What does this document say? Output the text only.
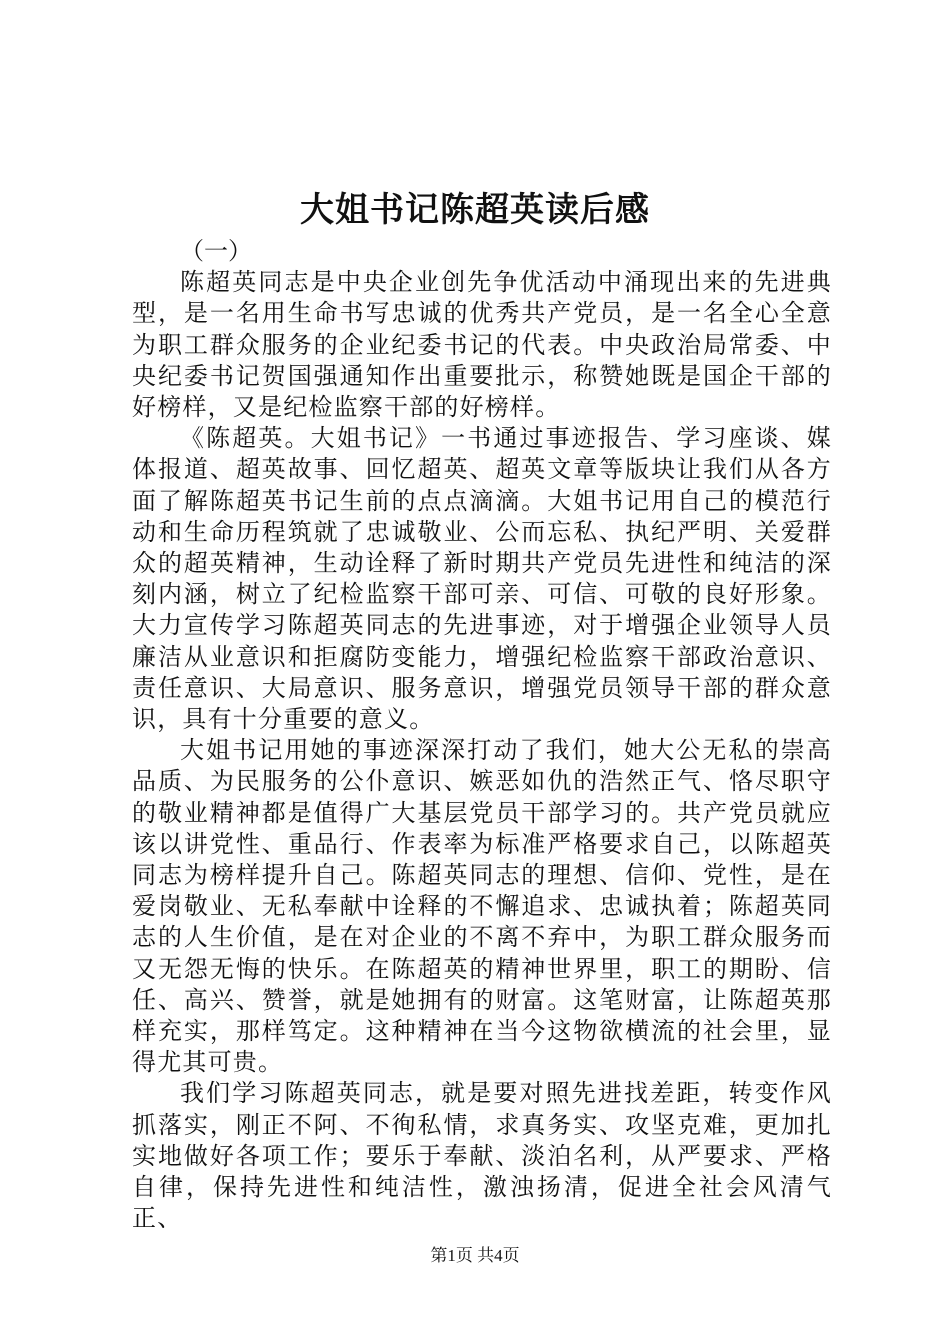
大姐书记陈超英读后感

（一）

陈超英同志是中央企业创先争优活动中涌现出来的先进典型，是一名用生命书写忠诚的优秀共产党员，是一名全心全意为职工群众服务的企业纪委书记的代表。中央政治局常委、中央纪委书记贺国强通知作出重要批示，称赞她既是国企干部的好榜样，又是纪检监察干部的好榜样。

《陈超英。大姐书记》一书通过事迹报告、学习座谈、媒体报道、超英故事、回忆超英、超英文章等版块让我们从各方面了解陈超英书记生前的点点滴滴。大姐书记用自己的模范行动和生命历程筑就了忠诚敬业、公而忘私、执纪严明、关爱群众的超英精神，生动诠释了新时期共产党员先进性和纯洁的深刻内涵，树立了纪检监察干部可亲、可信、可敬的良好形象。大力宣传学习陈超英同志的先进事迹，对于增强企业领导人员廉洁从业意识和拒腐防变能力，增强纪检监察干部政治意识、责任意识、大局意识、服务意识，增强党员领导干部的群众意识，具有十分重要的意义。

大姐书记用她的事迹深深打动了我们，她大公无私的崇高品质、为民服务的公仆意识、嫉恶如仇的浩然正气、恪尽职守的敬业精神都是值得广大基层党员干部学习的。共产党员就应该以讲党性、重品行、作表率为标准严格要求自己，以陈超英同志为榜样提升自己。陈超英同志的理想、信仰、党性，是在爱岗敬业、无私奉献中诠释的不懈追求、忠诚执着；陈超英同志的人生价值，是在对企业的不离不弃中，为职工群众服务而又无怨无悔的快乐。在陈超英的精神世界里，职工的期盼、信任、高兴、赞誉，就是她拥有的财富。这笔财富，让陈超英那样充实，那样笃定。这种精神在当今这物欲横流的社会里，显得尤其可贵。

我们学习陈超英同志，就是要对照先进找差距，转变作风抓落实，刚正不阿、不徇私情，求真务实、攻坚克难，更加扎实地做好各项工作；要乐于奉献、淡泊名利，从严要求、严格自律，保持先进性和纯洁性，激浊扬清，促进全社会风清气正、

第1页 共4页
